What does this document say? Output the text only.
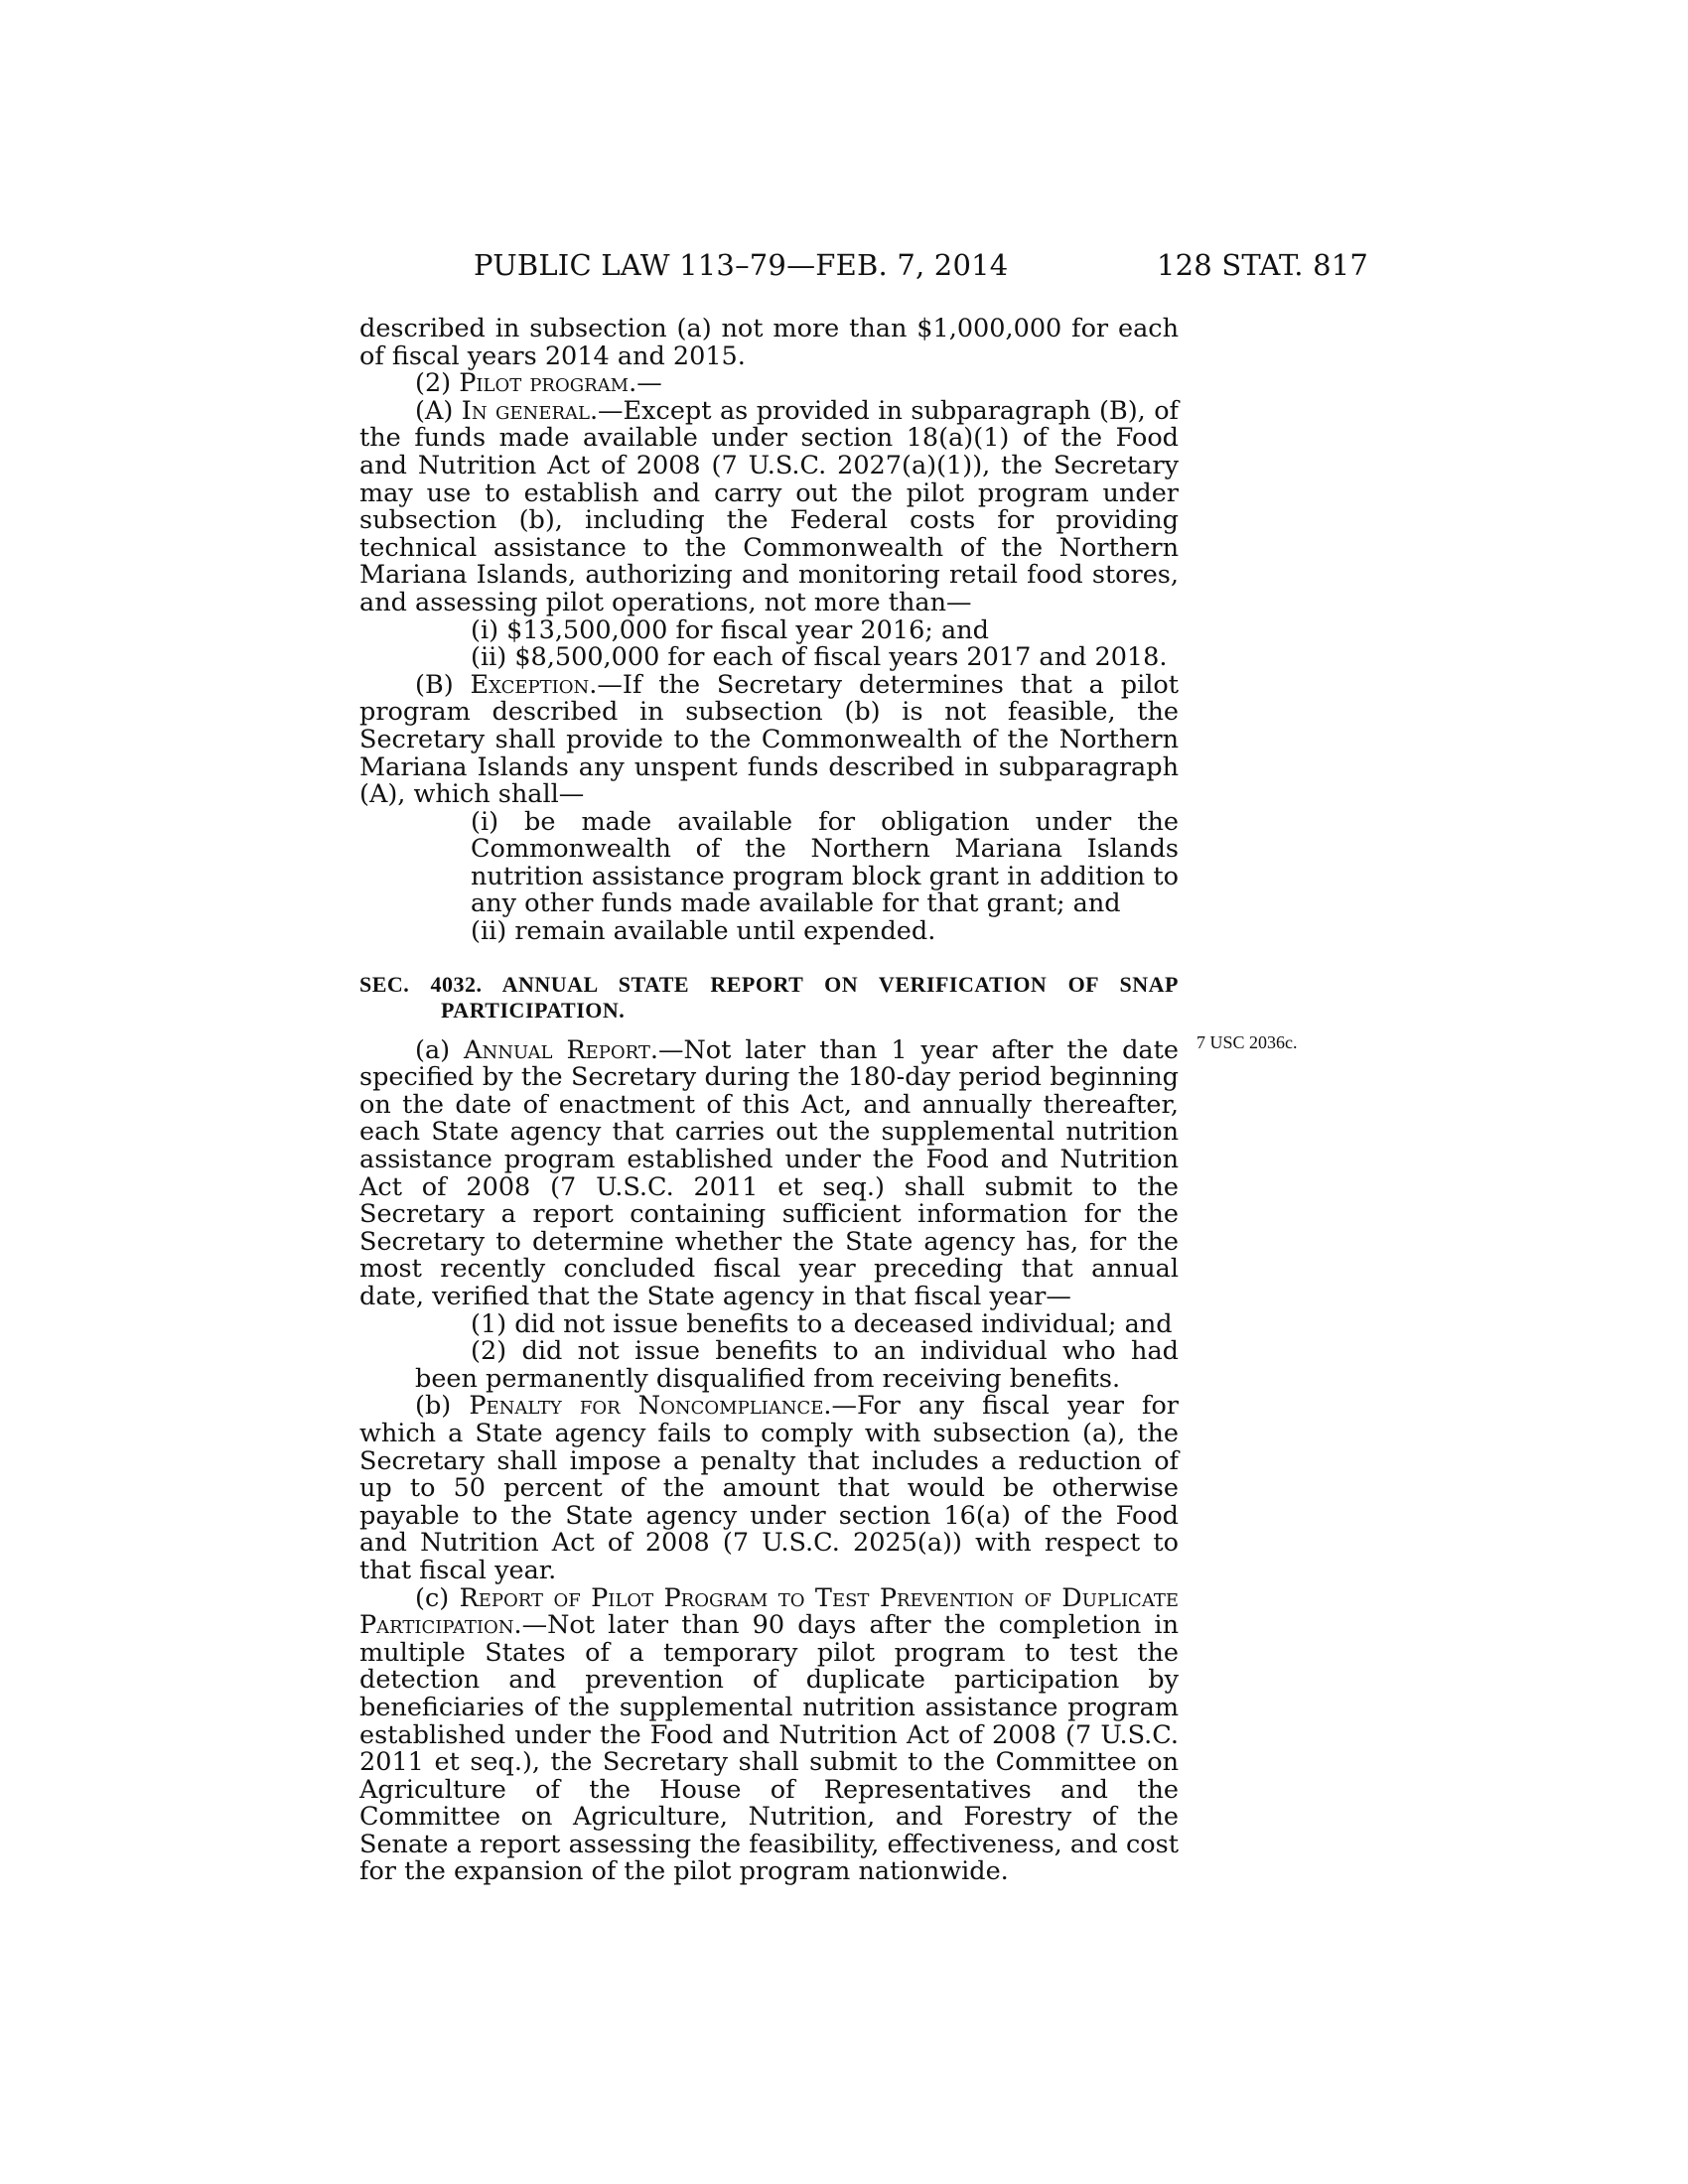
PUBLIC LAW 113–79—FEB. 7, 2014	128 STAT. 817
7 USC 2036c.

described in subsection (a) not more than $1,000,000 for each of fiscal years 2014 and 2015.

(2) Pilot program.—

(A) In general.—Except as provided in subparagraph (B), of the funds made available under section 18(a)(1) of the Food and Nutrition Act of 2008 (7 U.S.C. 2027(a)(1)), the Secretary may use to establish and carry out the pilot program under subsection (b), including the Federal costs for providing technical assistance to the Commonwealth of the Northern Mariana Islands, authorizing and monitoring retail food stores, and assessing pilot operations, not more than—

(i) $13,500,000 for fiscal year 2016; and

(ii) $8,500,000 for each of fiscal years 2017 and 2018.

(B) Exception.—If the Secretary determines that a pilot program described in subsection (b) is not feasible, the Secretary shall provide to the Commonwealth of the Northern Mariana Islands any unspent funds described in subparagraph (A), which shall—

(i) be made available for obligation under the Commonwealth of the Northern Mariana Islands nutrition assistance program block grant in addition to any other funds made available for that grant; and

(ii) remain available until expended.

SEC. 4032. ANNUAL STATE REPORT ON VERIFICATION OF SNAP PARTICIPATION.

(a) Annual Report.—Not later than 1 year after the date specified by the Secretary during the 180-day period beginning on the date of enactment of this Act, and annually thereafter, each State agency that carries out the supplemental nutrition assistance program established under the Food and Nutrition Act of 2008 (7 U.S.C. 2011 et seq.) shall submit to the Secretary a report containing sufficient information for the Secretary to determine whether the State agency has, for the most recently concluded fiscal year preceding that annual date, verified that the State agency in that fiscal year—

(1) did not issue benefits to a deceased individual; and

(2) did not issue benefits to an individual who had been permanently disqualified from receiving benefits.

(b) Penalty for Noncompliance.—For any fiscal year for which a State agency fails to comply with subsection (a), the Secretary shall impose a penalty that includes a reduction of up to 50 percent of the amount that would be otherwise payable to the State agency under section 16(a) of the Food and Nutrition Act of 2008 (7 U.S.C. 2025(a)) with respect to that fiscal year.

(c) Report of Pilot Program to Test Prevention of Duplicate Participation.—Not later than 90 days after the completion in multiple States of a temporary pilot program to test the detection and prevention of duplicate participation by beneficiaries of the supplemental nutrition assistance program established under the Food and Nutrition Act of 2008 (7 U.S.C. 2011 et seq.), the Secretary shall submit to the Committee on Agriculture of the House of Representatives and the Committee on Agriculture, Nutrition, and Forestry of the Senate a report assessing the feasibility, effectiveness, and cost for the expansion of the pilot program nationwide.
